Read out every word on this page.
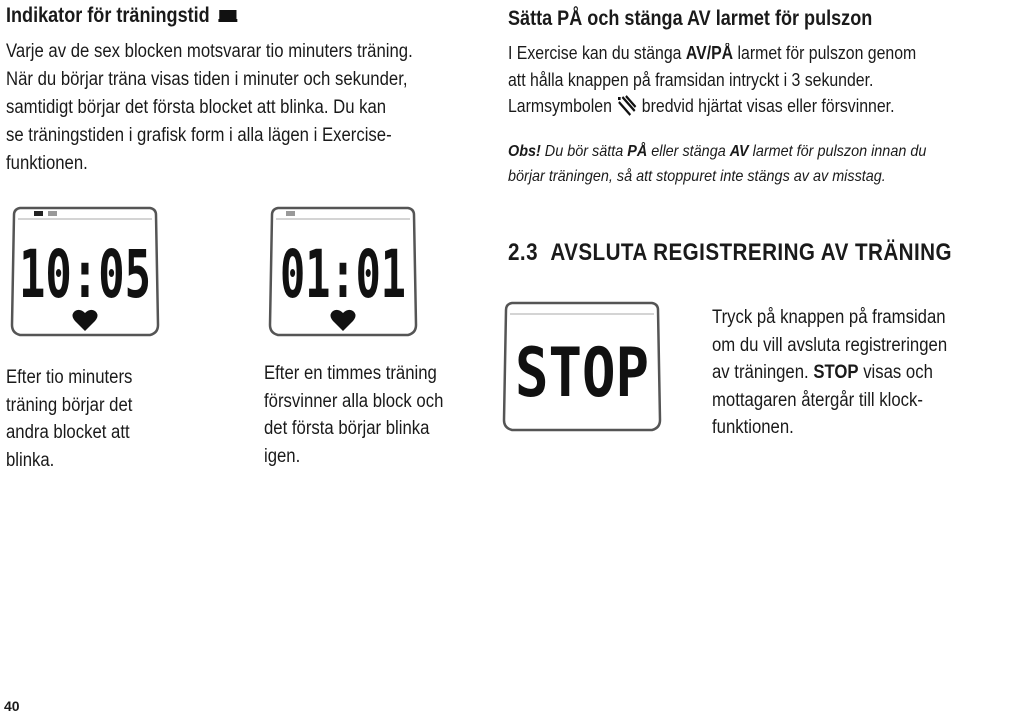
Indikator för träningstid
Varje av de sex blocken motsvarar tio minuters träning.
När du börjar träna visas tiden i minuter och sekunder,
samtidigt börjar det första blocket att blinka. Du kan
se träningstiden i grafisk form i alla lägen i Exercise-
funktionen.
Sätta PÅ och stänga AV larmet för pulszon
I Exercise kan du stänga AV/PÅ larmet för pulszon genom
att hålla knappen på framsidan intryckt i 3 sekunder.
Larmsymbolen  bredvid hjärtat visas eller försvinner.
Obs! Du bör sätta PÅ eller stänga AV larmet för pulszon innan du
börjar träningen, så att stoppuret inte stängs av av misstag.
2.3 AVSLUTA REGISTRERING AV TRÄNING
10:05 01:01
STOP
Efter tio minuters
träning börjar det
andra blocket att
blinka.
Efter en timmes träning
försvinner alla block och
det första börjar blinka
igen.
Tryck på knappen på framsidan
om du vill avsluta registreringen
av träningen. STOP visas och
mottagaren återgår till klock-
funktionen.
40
